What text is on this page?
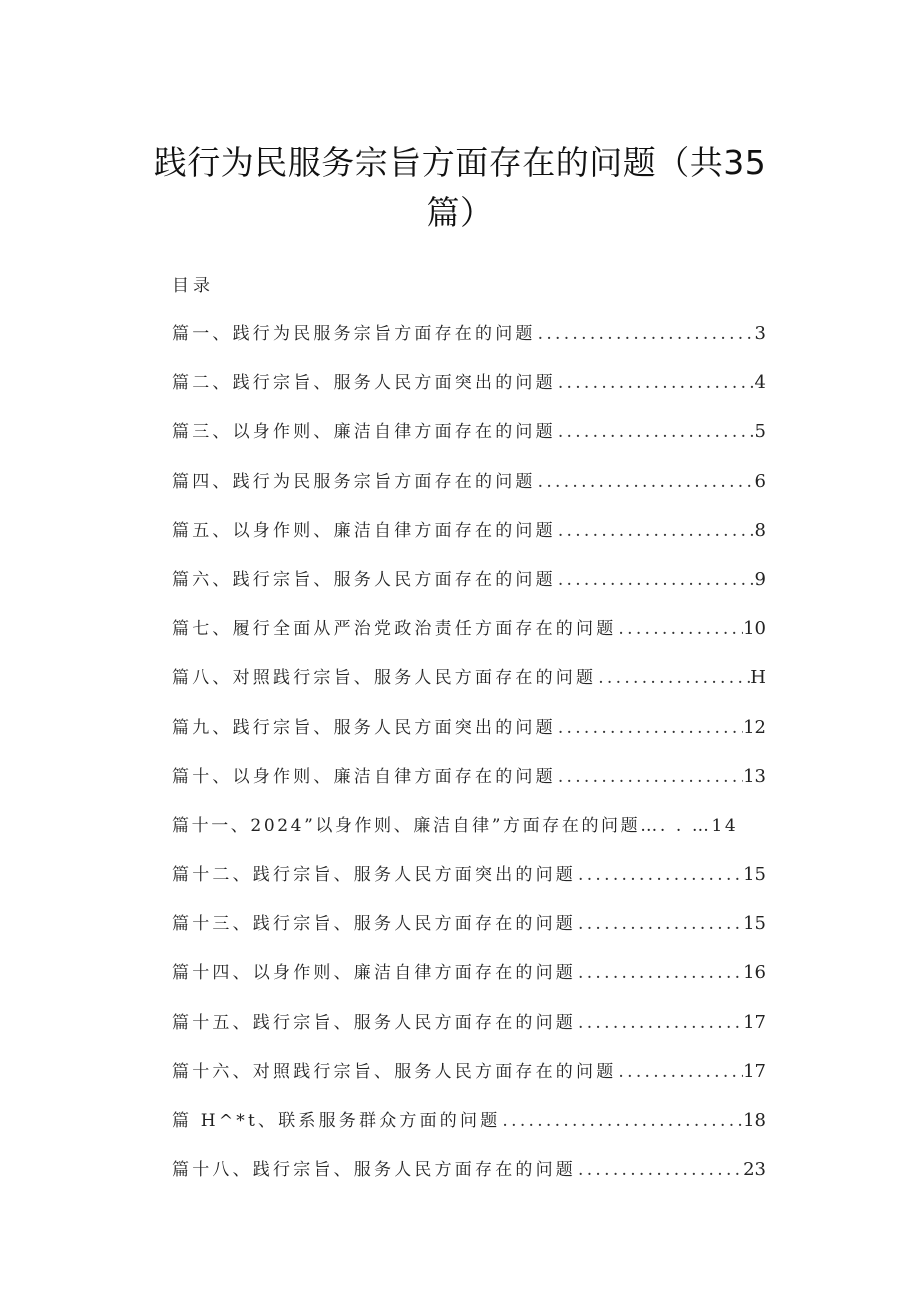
践行为民服务宗旨方面存在的问题（共35篇）
目录
篇一、践行为民服务宗旨方面存在的问题 .....	3
篇二、践行宗旨、服务人民方面突出的问题 .....	4
篇三、以身作则、廉洁自律方面存在的问题 .....	5
篇四、践行为民服务宗旨方面存在的问题 .....	6
篇五、以身作则、廉洁自律方面存在的问题 .....	8
篇六、践行宗旨、服务人民方面存在的问题 .....	9
篇七、履行全面从严治党政治责任方面存在的问题 .....	10
篇八、对照践行宗旨、服务人民方面存在的问题 .....	H
篇九、践行宗旨、服务人民方面突出的问题 .....	12
篇十、以身作则、廉洁自律方面存在的问题 .....	13
篇十一、2024”以身作则、廉洁自律”方面存在的问题…. . …14
篇十二、践行宗旨、服务人民方面突出的问题 .....	15
篇十三、践行宗旨、服务人民方面存在的问题 .....	15
篇十四、以身作则、廉洁自律方面存在的问题 .....	16
篇十五、践行宗旨、服务人民方面存在的问题 .....	17
篇十六、对照践行宗旨、服务人民方面存在的问题 .....	17
篇 H^*t、联系服务群众方面的问题 .....	18
篇十八、践行宗旨、服务人民方面存在的问题 .....	23
